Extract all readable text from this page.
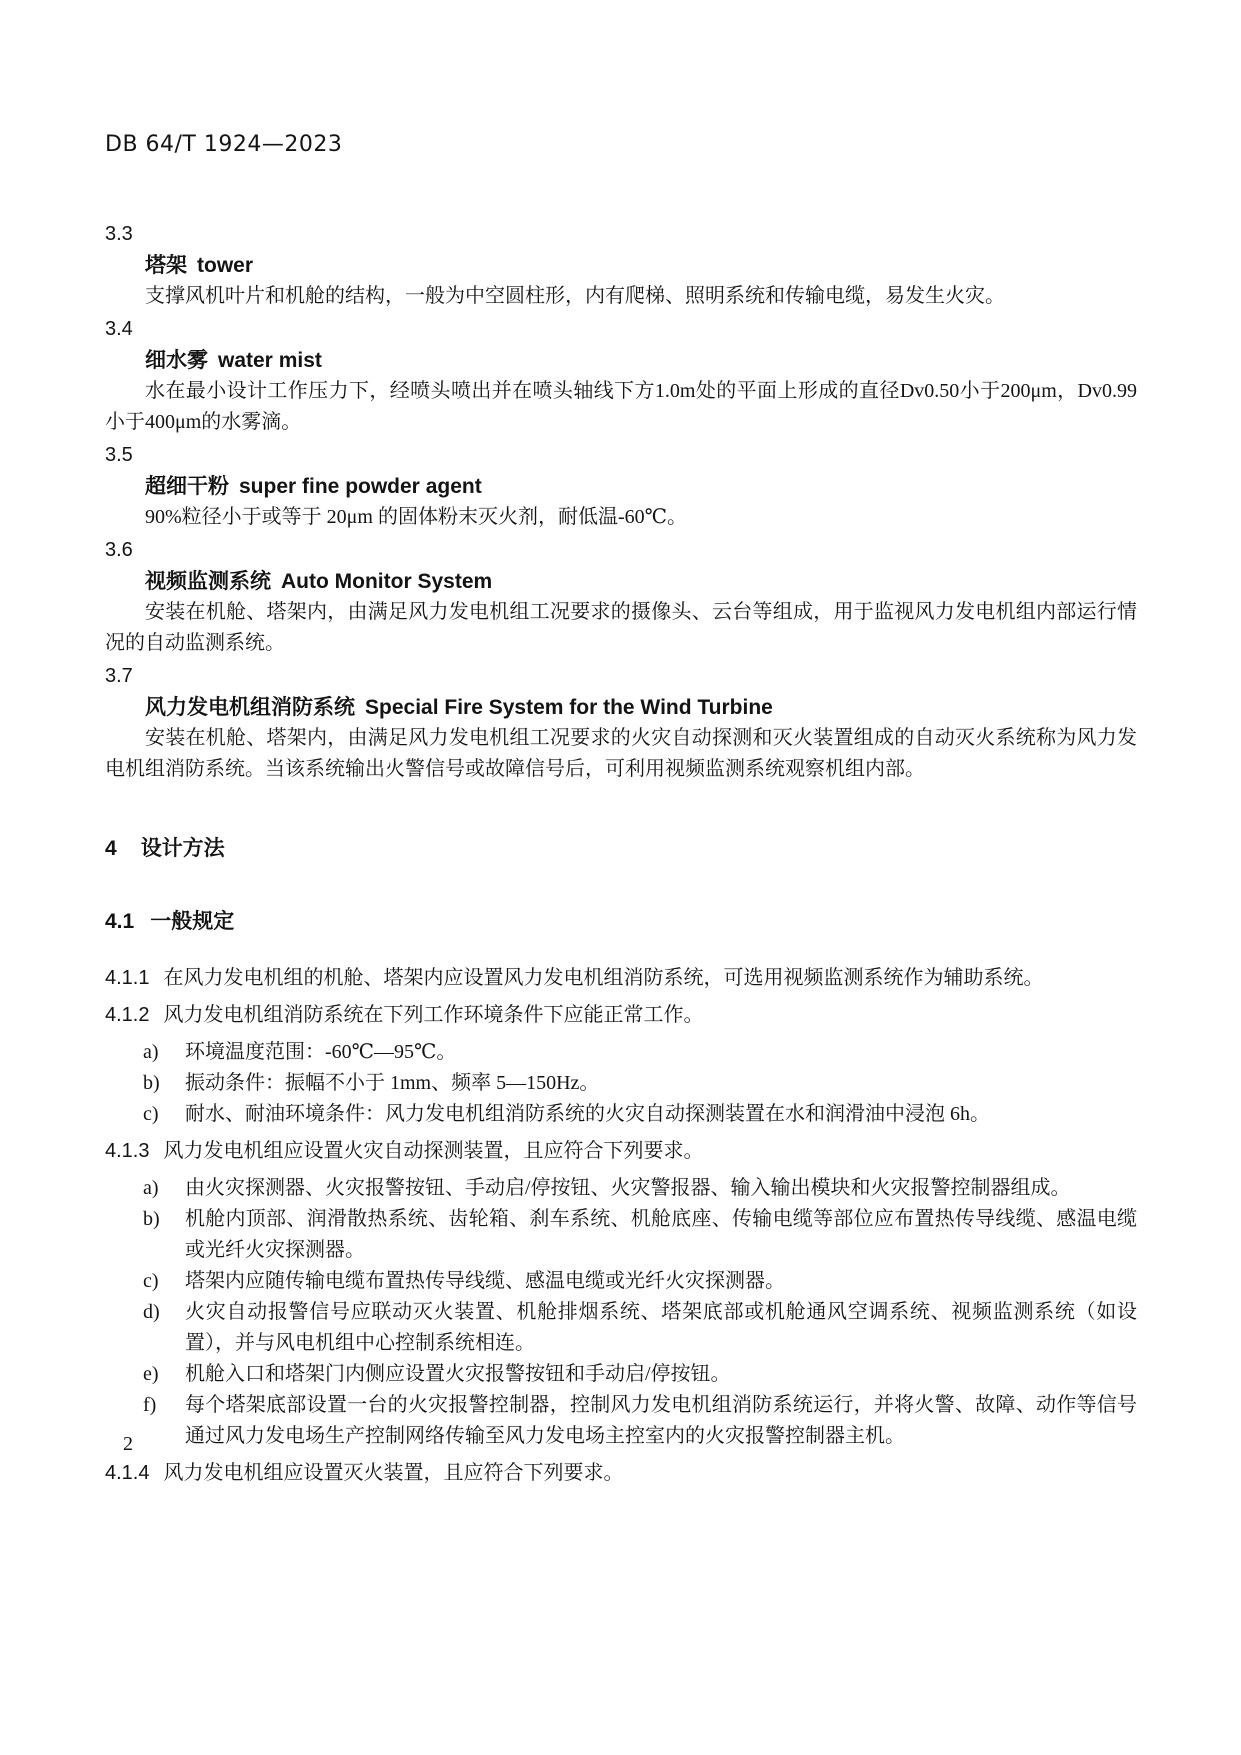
DB 64/T 1924—2023

3.3
塔架 tower

支撑风机叶片和机舱的结构，一般为中空圆柱形，内有爬梯、照明系统和传输电缆，易发生火灾。

3.4
细水雾 water mist

水在最小设计工作压力下，经喷头喷出并在喷头轴线下方1.0m处的平面上形成的直径Dv0.50小于200μm，Dv0.99小于400μm的水雾滴。

3.5
超细干粉 super fine powder agent

90%粒径小于或等于 20μm 的固体粉末灭火剂，耐低温-60℃。

3.6
视频监测系统 Auto Monitor System

安装在机舱、塔架内，由满足风力发电机组工况要求的摄像头、云台等组成，用于监视风力发电机组内部运行情况的自动监测系统。

3.7
风力发电机组消防系统 Special Fire System for the Wind Turbine

安装在机舱、塔架内，由满足风力发电机组工况要求的火灾自动探测和灭火装置组成的自动灭火系统称为风力发电机组消防系统。当该系统输出火警信号或故障信号后，可利用视频监测系统观察机组内部。

4 设计方法
4.1 一般规定

4.1.1 在风力发电机组的机舱、塔架内应设置风力发电机组消防系统，可选用视频监测系统作为辅助系统。

4.1.2 风力发电机组消防系统在下列工作环境条件下应能正常工作。

a)	环境温度范围：-60℃—95℃。
b)	振动条件：振幅不小于 1mm、频率 5—150Hz。
c)	耐水、耐油环境条件：风力发电机组消防系统的火灾自动探测装置在水和润滑油中浸泡 6h。

4.1.3 风力发电机组应设置火灾自动探测装置，且应符合下列要求。

a)	由火灾探测器、火灾报警按钮、手动启/停按钮、火灾警报器、输入输出模块和火灾报警控制器组成。
b)	机舱内顶部、润滑散热系统、齿轮箱、刹车系统、机舱底座、传输电缆等部位应布置热传导线缆、感温电缆或光纤火灾探测器。
c)	塔架内应随传输电缆布置热传导线缆、感温电缆或光纤火灾探测器。
d)	火灾自动报警信号应联动灭火装置、机舱排烟系统、塔架底部或机舱通风空调系统、视频监测系统（如设置），并与风电机组中心控制系统相连。
e)	机舱入口和塔架门内侧应设置火灾报警按钮和手动启/停按钮。
f)	每个塔架底部设置一台的火灾报警控制器，控制风力发电机组消防系统运行，并将火警、故障、动作等信号通过风力发电场生产控制网络传输至风力发电场主控室内的火灾报警控制器主机。

4.1.4 风力发电机组应设置灭火装置，且应符合下列要求。

2
